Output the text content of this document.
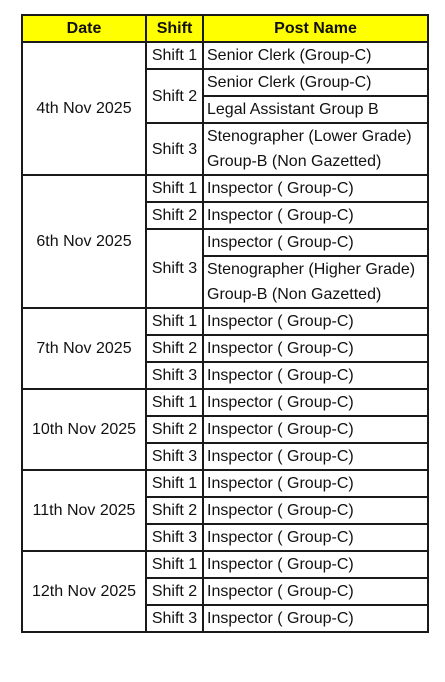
Date	Shift	Post Name
4th Nov 2025	Shift 1	Senior Clerk (Group-C)
	Shift 2	Senior Clerk (Group-C)
		Legal Assistant Group B
	Shift 3	Stenographer (Lower Grade) Group-B (Non Gazetted)
6th Nov 2025	Shift 1	Inspector ( Group-C)
	Shift 2	Inspector ( Group-C)
	Shift 3	Inspector ( Group-C)
		Stenographer (Higher Grade) Group-B (Non Gazetted)
7th Nov 2025	Shift 1	Inspector ( Group-C)
	Shift 2	Inspector ( Group-C)
	Shift 3	Inspector ( Group-C)
10th Nov 2025	Shift 1	Inspector ( Group-C)
	Shift 2	Inspector ( Group-C)
	Shift 3	Inspector ( Group-C)
11th Nov 2025	Shift 1	Inspector ( Group-C)
	Shift 2	Inspector ( Group-C)
	Shift 3	Inspector ( Group-C)
12th Nov 2025	Shift 1	Inspector ( Group-C)
	Shift 2	Inspector ( Group-C)
	Shift 3	Inspector ( Group-C)
